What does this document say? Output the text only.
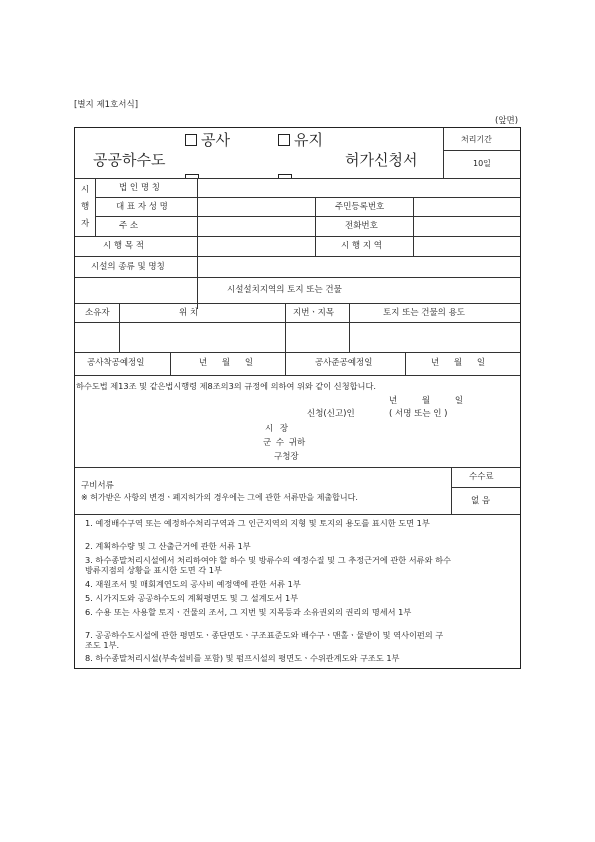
[별지 제1호서식]
(앞면)
공사	유지
공공하수도	허가신청서
처리기간
10일
시
행
자
법 인 명 칭
대 표 자 성 명	주민등록번호
주 소	전화번호
시 행 목 적	시 행 지 역
시설의 종류 및 명칭
시설설치지역의 토지 또는 건물
소유자	위 치	지번ㆍ지목	토지 또는 건물의 용도
공사착공예정일	년 월 일	공사준공예정일	년 월 일
하수도법 제13조 및 같은법시행령 제8조의3의 규정에 의하여 위와 같이 신청합니다.
년 월 일
신청(신고)인	( 서명 또는 인 )
시 장
군 수 귀하
구청장
수수료
없 음
구비서류
※ 허가받은 사항의 변경ㆍ폐지허가의 경우에는 그에 관한 서류만을 제출합니다.
1. 예정배수구역 또는 예정하수처리구역과 그 인근지역의 지형 및 토지의 용도를 표시한 도면 1부
2. 계획하수량 및 그 산출근거에 관한 서류 1부
3. 하수종말처리시설에서 처리하여야 할 하수 및 방류수의 예정수질 및 그 추정근거에 관한 서류와 하수방류지점의 상황을 표시한 도면 각 1부
4. 재원조서 및 매회계연도의 공사비 예정액에 관한 서류 1부
5. 시가지도와 공공하수도의 계획평면도 및 그 설계도서 1부
6. 수용 또는 사용할 토지ㆍ건물의 조서, 그 지번 및 지목등과 소유권외의 권리의 명세서 1부
7. 공공하수도시설에 관한 평면도ㆍ종단면도ㆍ구조표준도와 배수구ㆍ맨홀ㆍ물받이 및 역사이펀의 구조도 1부.
8. 하수종말처리시설(부속설비를 포함) 및 펌프시설의 평면도ㆍ수위관계도와 구조도 1부
